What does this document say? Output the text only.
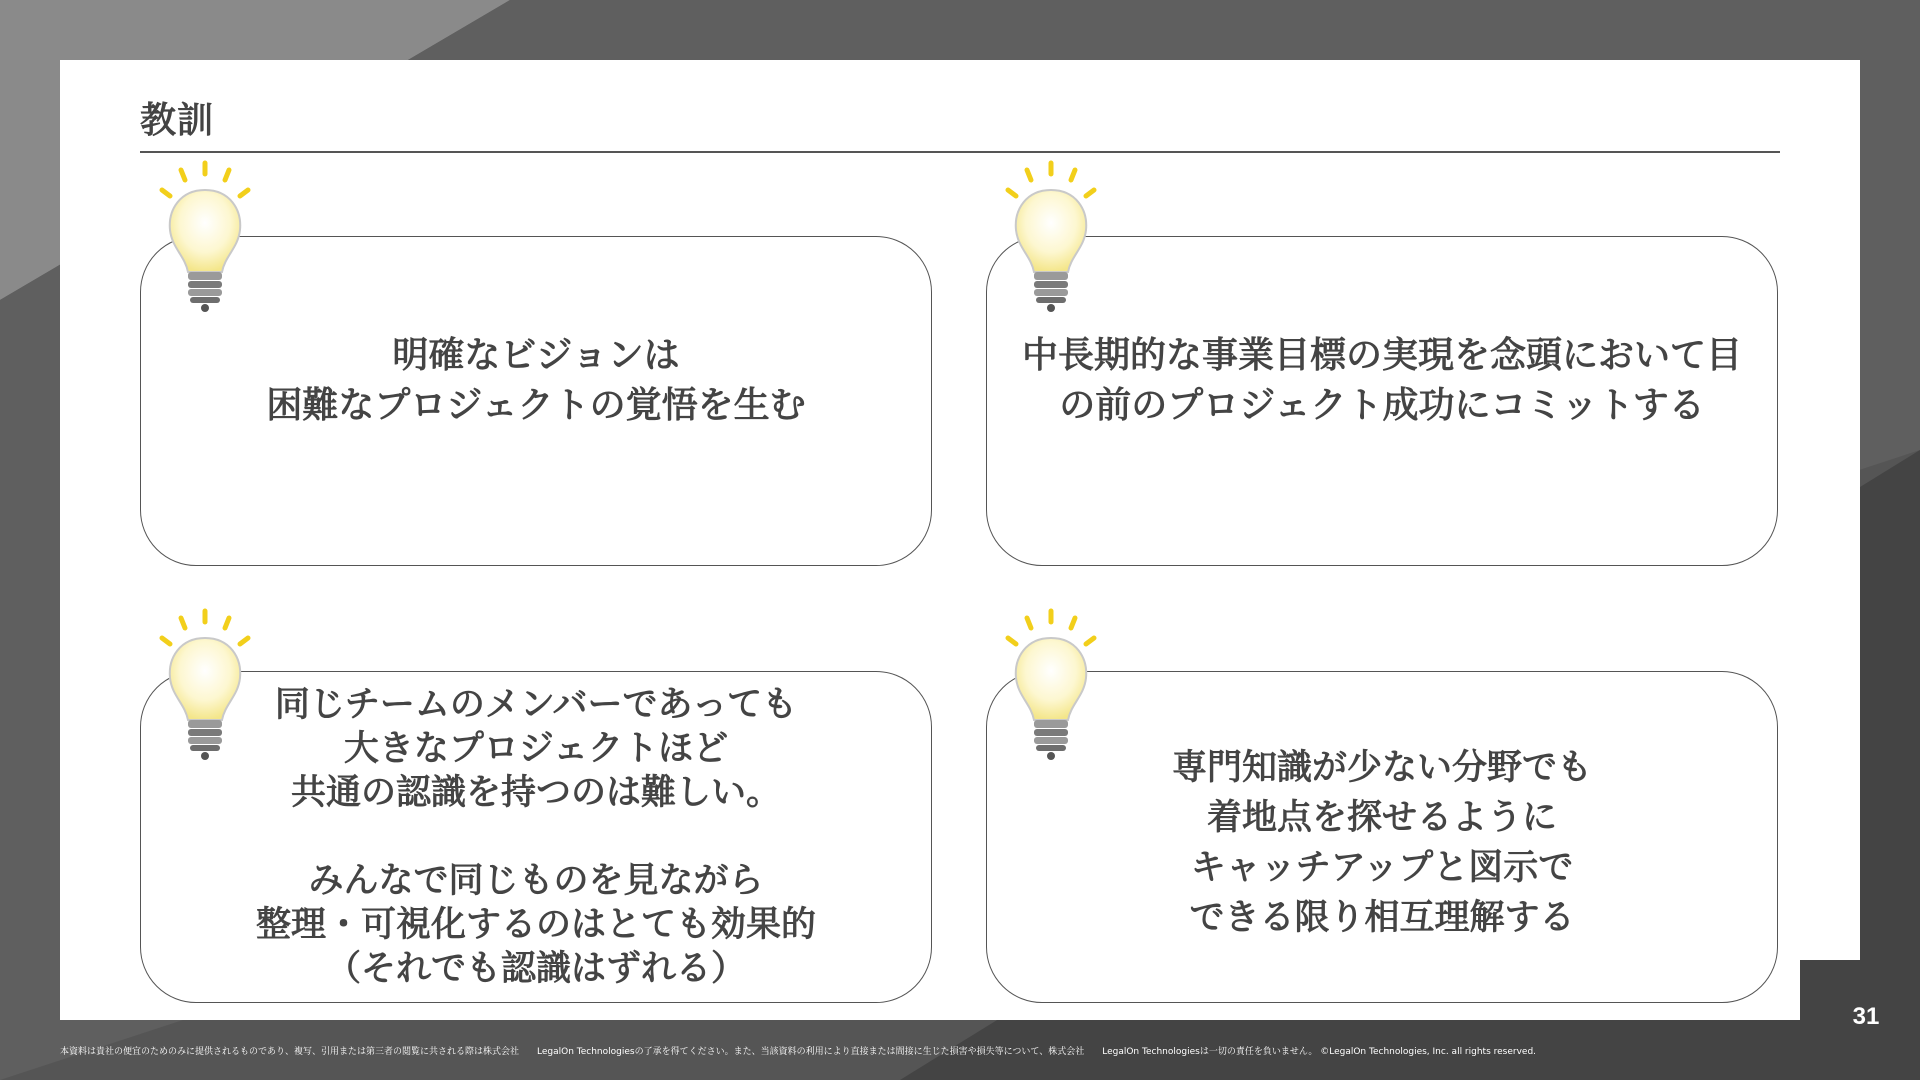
教訓

明確なビジョンは
困難なプロジェクトの覚悟を生む

中長期的な事業目標の実現を念頭において目
の前のプロジェクト成功にコミットする

同じチームのメンバーであっても
大きなプロジェクトほど
共通の認識を持つのは難しい。

みんなで同じものを見ながら
整理・可視化するのはとても効果的
（それでも認識はずれる）

専門知識が少ない分野でも
着地点を探せるように
キャッチアップと図示で
できる限り相互理解する

31
本資料は貴社の便宜のためのみに提供されるものであり、複写、引用または第三者の閲覧に共される際は株式会社　　LegalOn Technologiesの了承を得てください。また、当該資料の利用により直接または間接に生じた損害や損失等について、株式会社　　LegalOn Technologiesは一切の責任を負いません。 ©LegalOn Technologies, Inc. all rights reserved.
